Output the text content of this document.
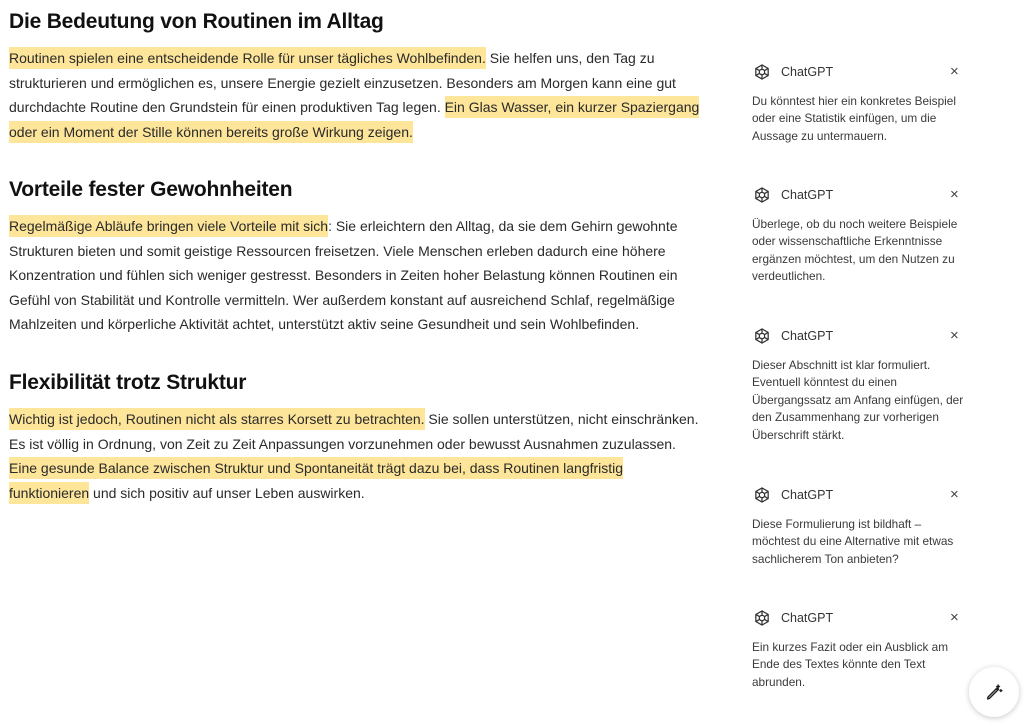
Die Bedeutung von Routinen im Alltag

Routinen spielen eine entscheidende Rolle für unser tägliches Wohlbefinden. Sie helfen uns, den Tag zu strukturieren und ermöglichen es, unsere Energie gezielt einzusetzen. Besonders am Morgen kann eine gut durchdachte Routine den Grundstein für einen produktiven Tag legen. Ein Glas Wasser, ein kurzer Spaziergang oder ein Moment der Stille können bereits große Wirkung zeigen.

Vorteile fester Gewohnheiten

Regelmäßige Abläufe bringen viele Vorteile mit sich: Sie erleichtern den Alltag, da sie dem Gehirn gewohnte Strukturen bieten und somit geistige Ressourcen freisetzen. Viele Menschen erleben dadurch eine höhere Konzentration und fühlen sich weniger gestresst. Besonders in Zeiten hoher Belastung können Routinen ein Gefühl von Stabilität und Kontrolle vermitteln. Wer außerdem konstant auf ausreichend Schlaf, regelmäßige Mahlzeiten und körperliche Aktivität achtet, unterstützt aktiv seine Gesundheit und sein Wohlbefinden.

Flexibilität trotz Struktur

Wichtig ist jedoch, Routinen nicht als starres Korsett zu betrachten. Sie sollen unterstützen, nicht einschränken. Es ist völlig in Ordnung, von Zeit zu Zeit Anpassungen vorzunehmen oder bewusst Ausnahmen zuzulassen. Eine gesunde Balance zwischen Struktur und Spontaneität trägt dazu bei, dass Routinen langfristig funktionieren und sich positiv auf unser Leben auswirken.

ChatGPT	×
Du könntest hier ein konkretes Beispiel oder eine Statistik einfügen, um die Aussage zu untermauern.
ChatGPT	×
Überlege, ob du noch weitere Beispiele oder wissenschaftliche Erkenntnisse ergänzen möchtest, um den Nutzen zu verdeutlichen.
ChatGPT	×
Dieser Abschnitt ist klar formuliert. Eventuell könntest du einen Übergangssatz am Anfang einfügen, der den Zusammenhang zur vorherigen Überschrift stärkt.
ChatGPT	×
Diese Formulierung ist bildhaft – möchtest du eine Alternative mit etwas sachlicherem Ton anbieten?
ChatGPT	×
Ein kurzes Fazit oder ein Ausblick am Ende des Textes könnte den Text abrunden.
